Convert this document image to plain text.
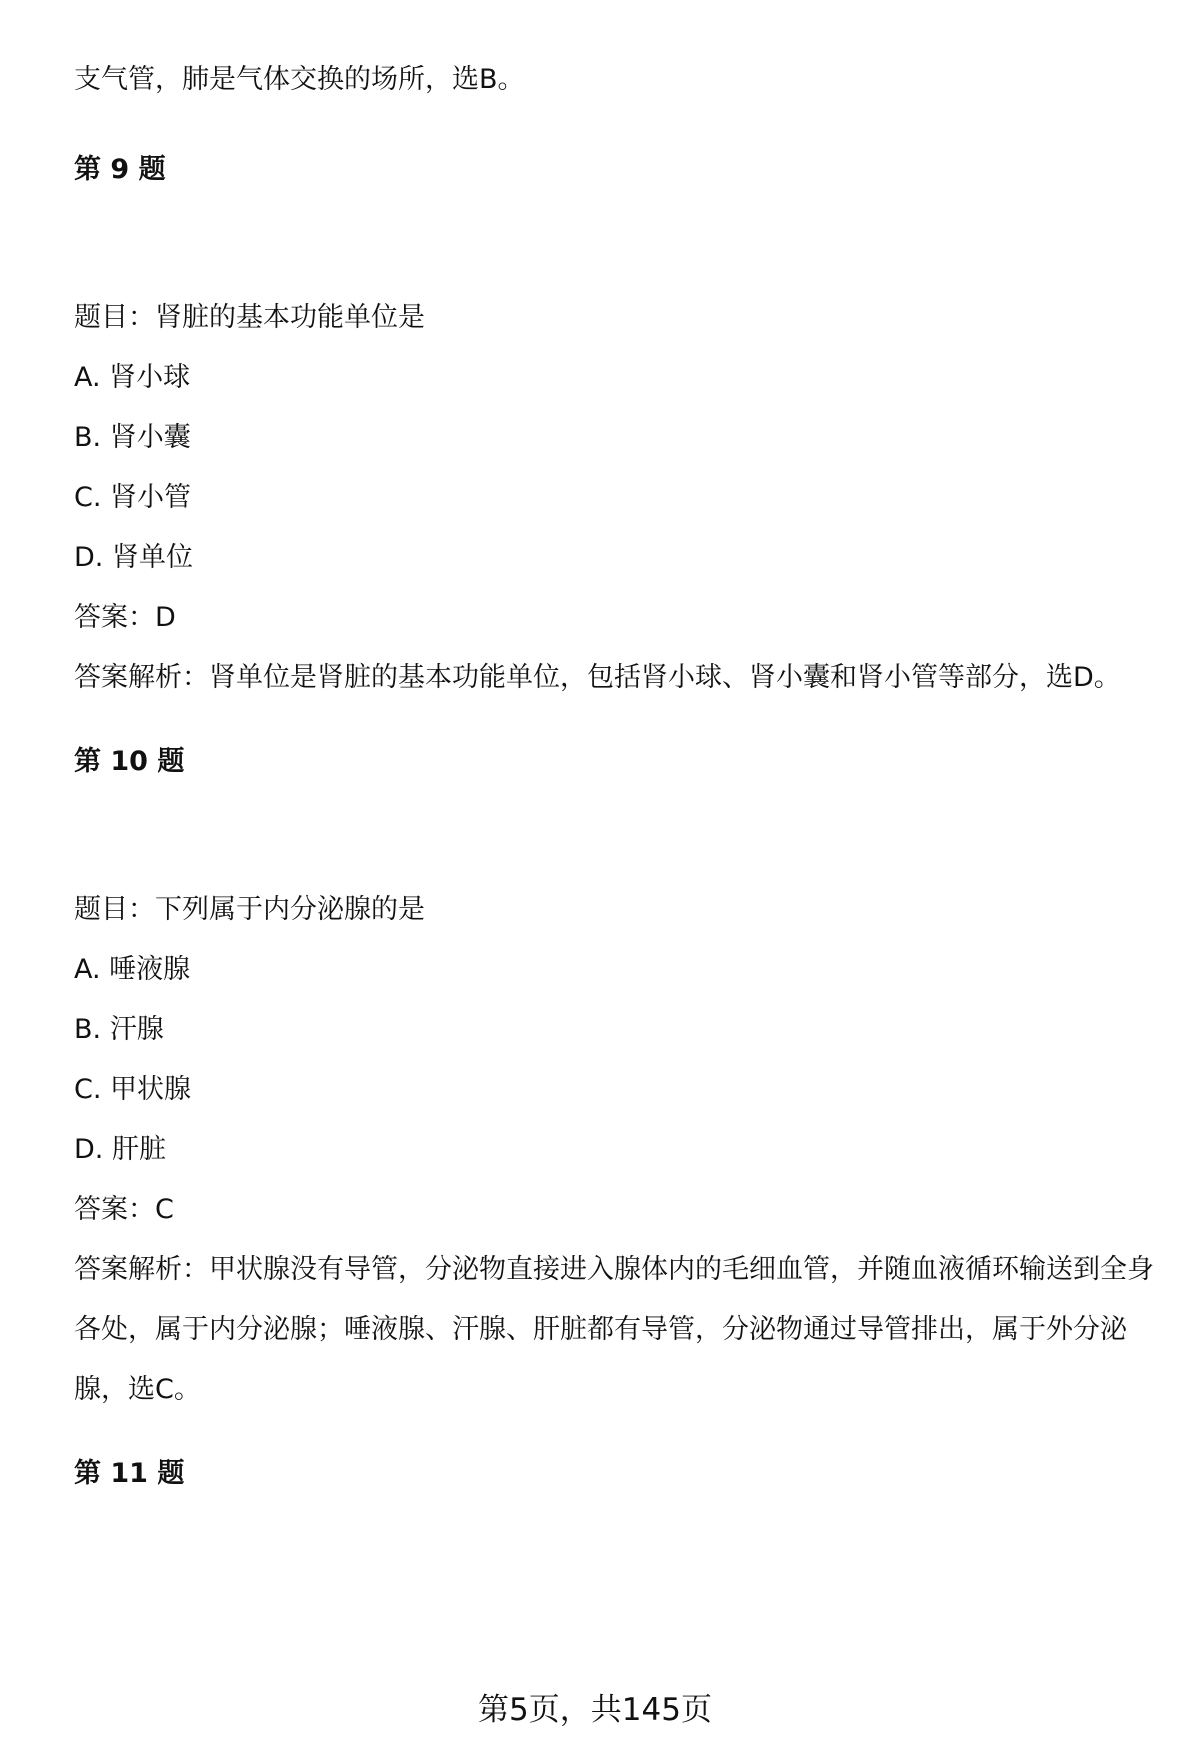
支气管，肺是气体交换的场所，选B。

第 9 题

题目：肾脏的基本功能单位是

A. 肾小球

B. 肾小囊

C. 肾小管

D. 肾单位

答案：D

答案解析：肾单位是肾脏的基本功能单位，包括肾小球、肾小囊和肾小管等部分，选D。

第 10 题

题目：下列属于内分泌腺的是

A. 唾液腺

B. 汗腺

C. 甲状腺

D. 肝脏

答案：C

答案解析：甲状腺没有导管，分泌物直接进入腺体内的毛细血管，并随血液循环输送到全身各处，属于内分泌腺；唾液腺、汗腺、肝脏都有导管，分泌物通过导管排出，属于外分泌腺，选C。

第 11 题

第5页，共145页
